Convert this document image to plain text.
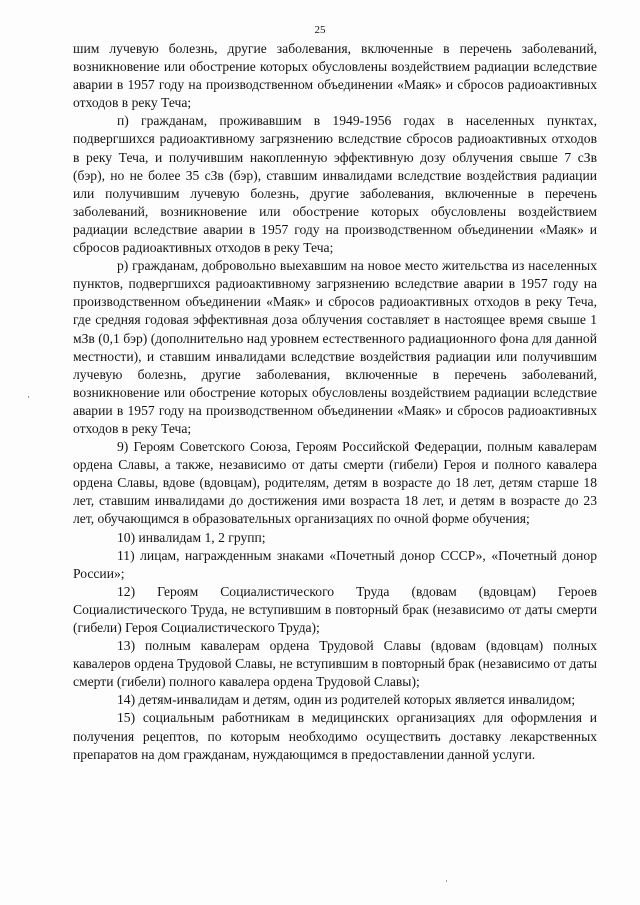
25

шим лучевую болезнь, другие заболевания, включенные в перечень заболеваний, возникновение или обострение которых обусловлены воздействием радиации вследствие аварии в 1957 году на производственном объединении «Маяк» и сбросов радиоактивных отходов в реку Теча;

п) гражданам, проживавшим в 1949-1956 годах в населенных пунктах, подвергшихся радиоактивному загрязнению вследствие сбросов радиоактивных отходов в реку Теча, и получившим накопленную эффективную дозу облучения свыше 7 сЗв (бэр), но не более 35 сЗв (бэр), ставшим инвалидами вследствие воздействия радиации или получившим лучевую болезнь, другие заболевания, включенные в перечень заболеваний, возникновение или обострение которых обусловлены воздействием радиации вследствие аварии в 1957 году на производственном объединении «Маяк» и сбросов радиоактивных отходов в реку Теча;

р) гражданам, добровольно выехавшим на новое место жительства из населенных пунктов, подвергшихся радиоактивному загрязнению вследствие аварии в 1957 году на производственном объединении «Маяк» и сбросов радиоактивных отходов в реку Теча, где средняя годовая эффективная доза облучения составляет в настоящее время свыше 1 мЗв (0,1 бэр) (дополнительно над уровнем естественного радиационного фона для данной местности), и ставшим инвалидами вследствие воздействия радиации или получившим лучевую болезнь, другие заболевания, включенные в перечень заболеваний, возникновение или обострение которых обусловлены воздействием радиации вследствие аварии в 1957 году на производственном объединении «Маяк» и сбросов радиоактивных отходов в реку Теча;

9) Героям Советского Союза, Героям Российской Федерации, полным кавалерам ордена Славы, а также, независимо от даты смерти (гибели) Героя и полного кавалера ордена Славы, вдове (вдовцам), родителям, детям в возрасте до 18 лет, детям старше 18 лет, ставшим инвалидами до достижения ими возраста 18 лет, и детям в возрасте до 23 лет, обучающимся в образовательных организациях по очной форме обучения;

10) инвалидам 1, 2 групп;

11) лицам, награжденным знаками «Почетный донор СССР», «Почетный донор России»;

12) Героям Социалистического Труда (вдовам (вдовцам) Героев Социалистического Труда, не вступившим в повторный брак (независимо от даты смерти (гибели) Героя Социалистического Труда);

13) полным кавалерам ордена Трудовой Славы (вдовам (вдовцам) полных кавалеров ордена Трудовой Славы, не вступившим в повторный брак (независимо от даты смерти (гибели) полного кавалера ордена Трудовой Славы);

14) детям-инвалидам и детям, один из родителей которых является инвалидом;

15) социальным работникам в медицинских организациях для оформления и получения рецептов, по которым необходимо осуществить доставку лекарственных препаратов на дом гражданам, нуждающимся в предоставлении данной услуги.
